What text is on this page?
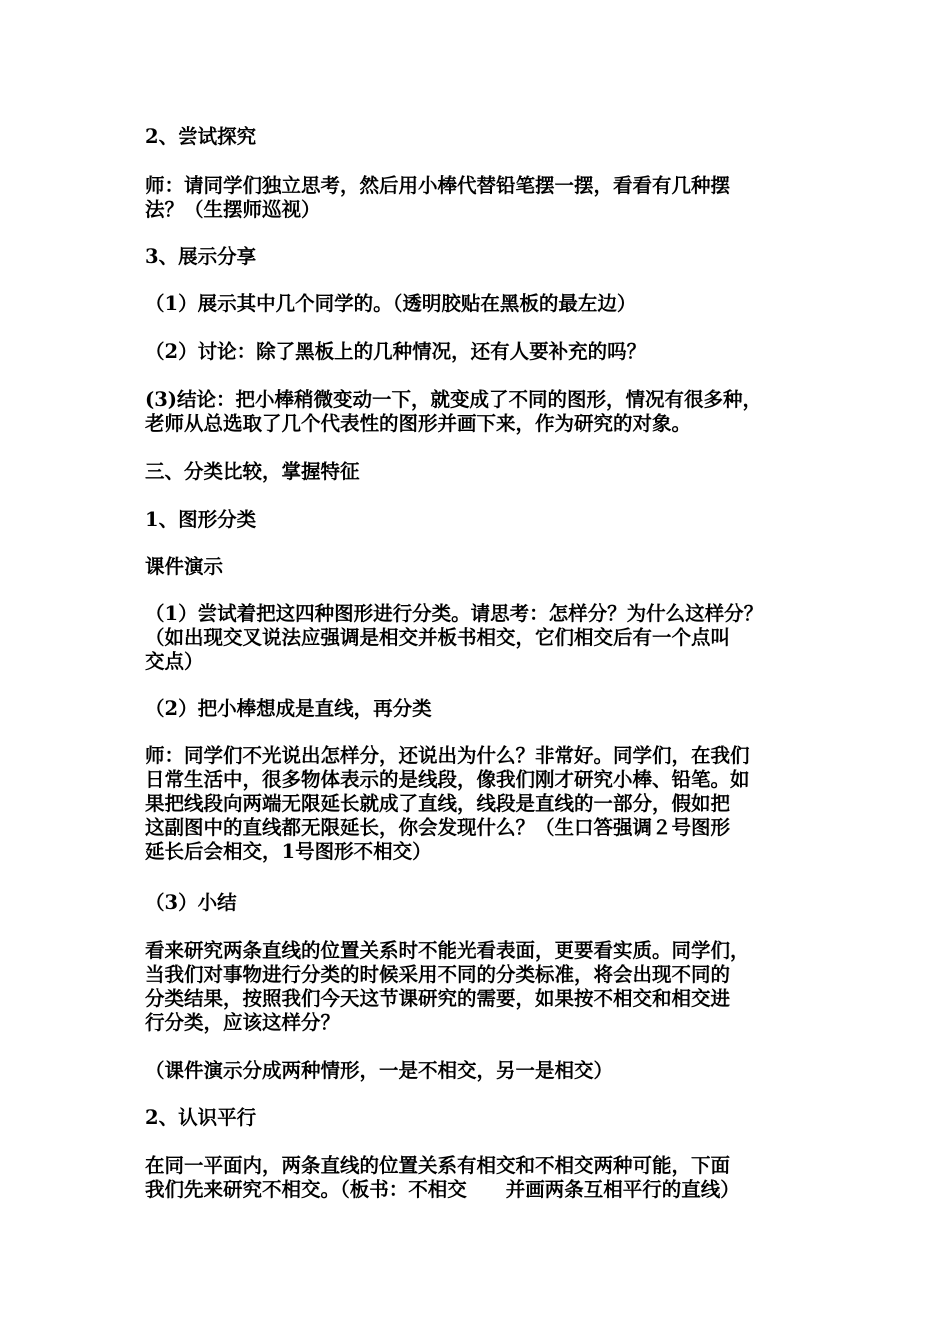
2、尝试探究
师：请同学们独立思考，然后用小棒代替铅笔摆一摆，看看有几种摆
法？（生摆师巡视）
3、展示分享
（1）展示其中几个同学的。（透明胶贴在黑板的最左边）
（2）讨论：除了黑板上的几种情况，还有人要补充的吗？
(3)结论：把小棒稍微变动一下，就变成了不同的图形，情况有很多种，
老师从总选取了几个代表性的图形并画下来，作为研究的对象。
三、分类比较，掌握特征
1、图形分类
课件演示
（1）尝试着把这四种图形进行分类。请思考：怎样分？为什么这样分？
（如出现交叉说法应强调是相交并板书相交，它们相交后有一个点叫
交点）
（2）把小棒想成是直线，再分类
师：同学们不光说出怎样分，还说出为什么？非常好。同学们，在我们
日常生活中，很多物体表示的是线段，像我们刚才研究小棒、铅笔。如
果把线段向两端无限延长就成了直线，线段是直线的一部分，假如把
这副图中的直线都无限延长，你会发现什么？（生口答强调２号图形
延长后会相交，1号图形不相交）
（3）小结
看来研究两条直线的位置关系时不能光看表面，更要看实质。同学们，
当我们对事物进行分类的时候采用不同的分类标准，将会出现不同的
分类结果，按照我们今天这节课研究的需要，如果按不相交和相交进
行分类，应该这样分？
（课件演示分成两种情形，一是不相交，另一是相交）
2、认识平行
在同一平面内，两条直线的位置关系有相交和不相交两种可能，下面
我们先来研究不相交。（板书：不相交　　并画两条互相平行的直线）
